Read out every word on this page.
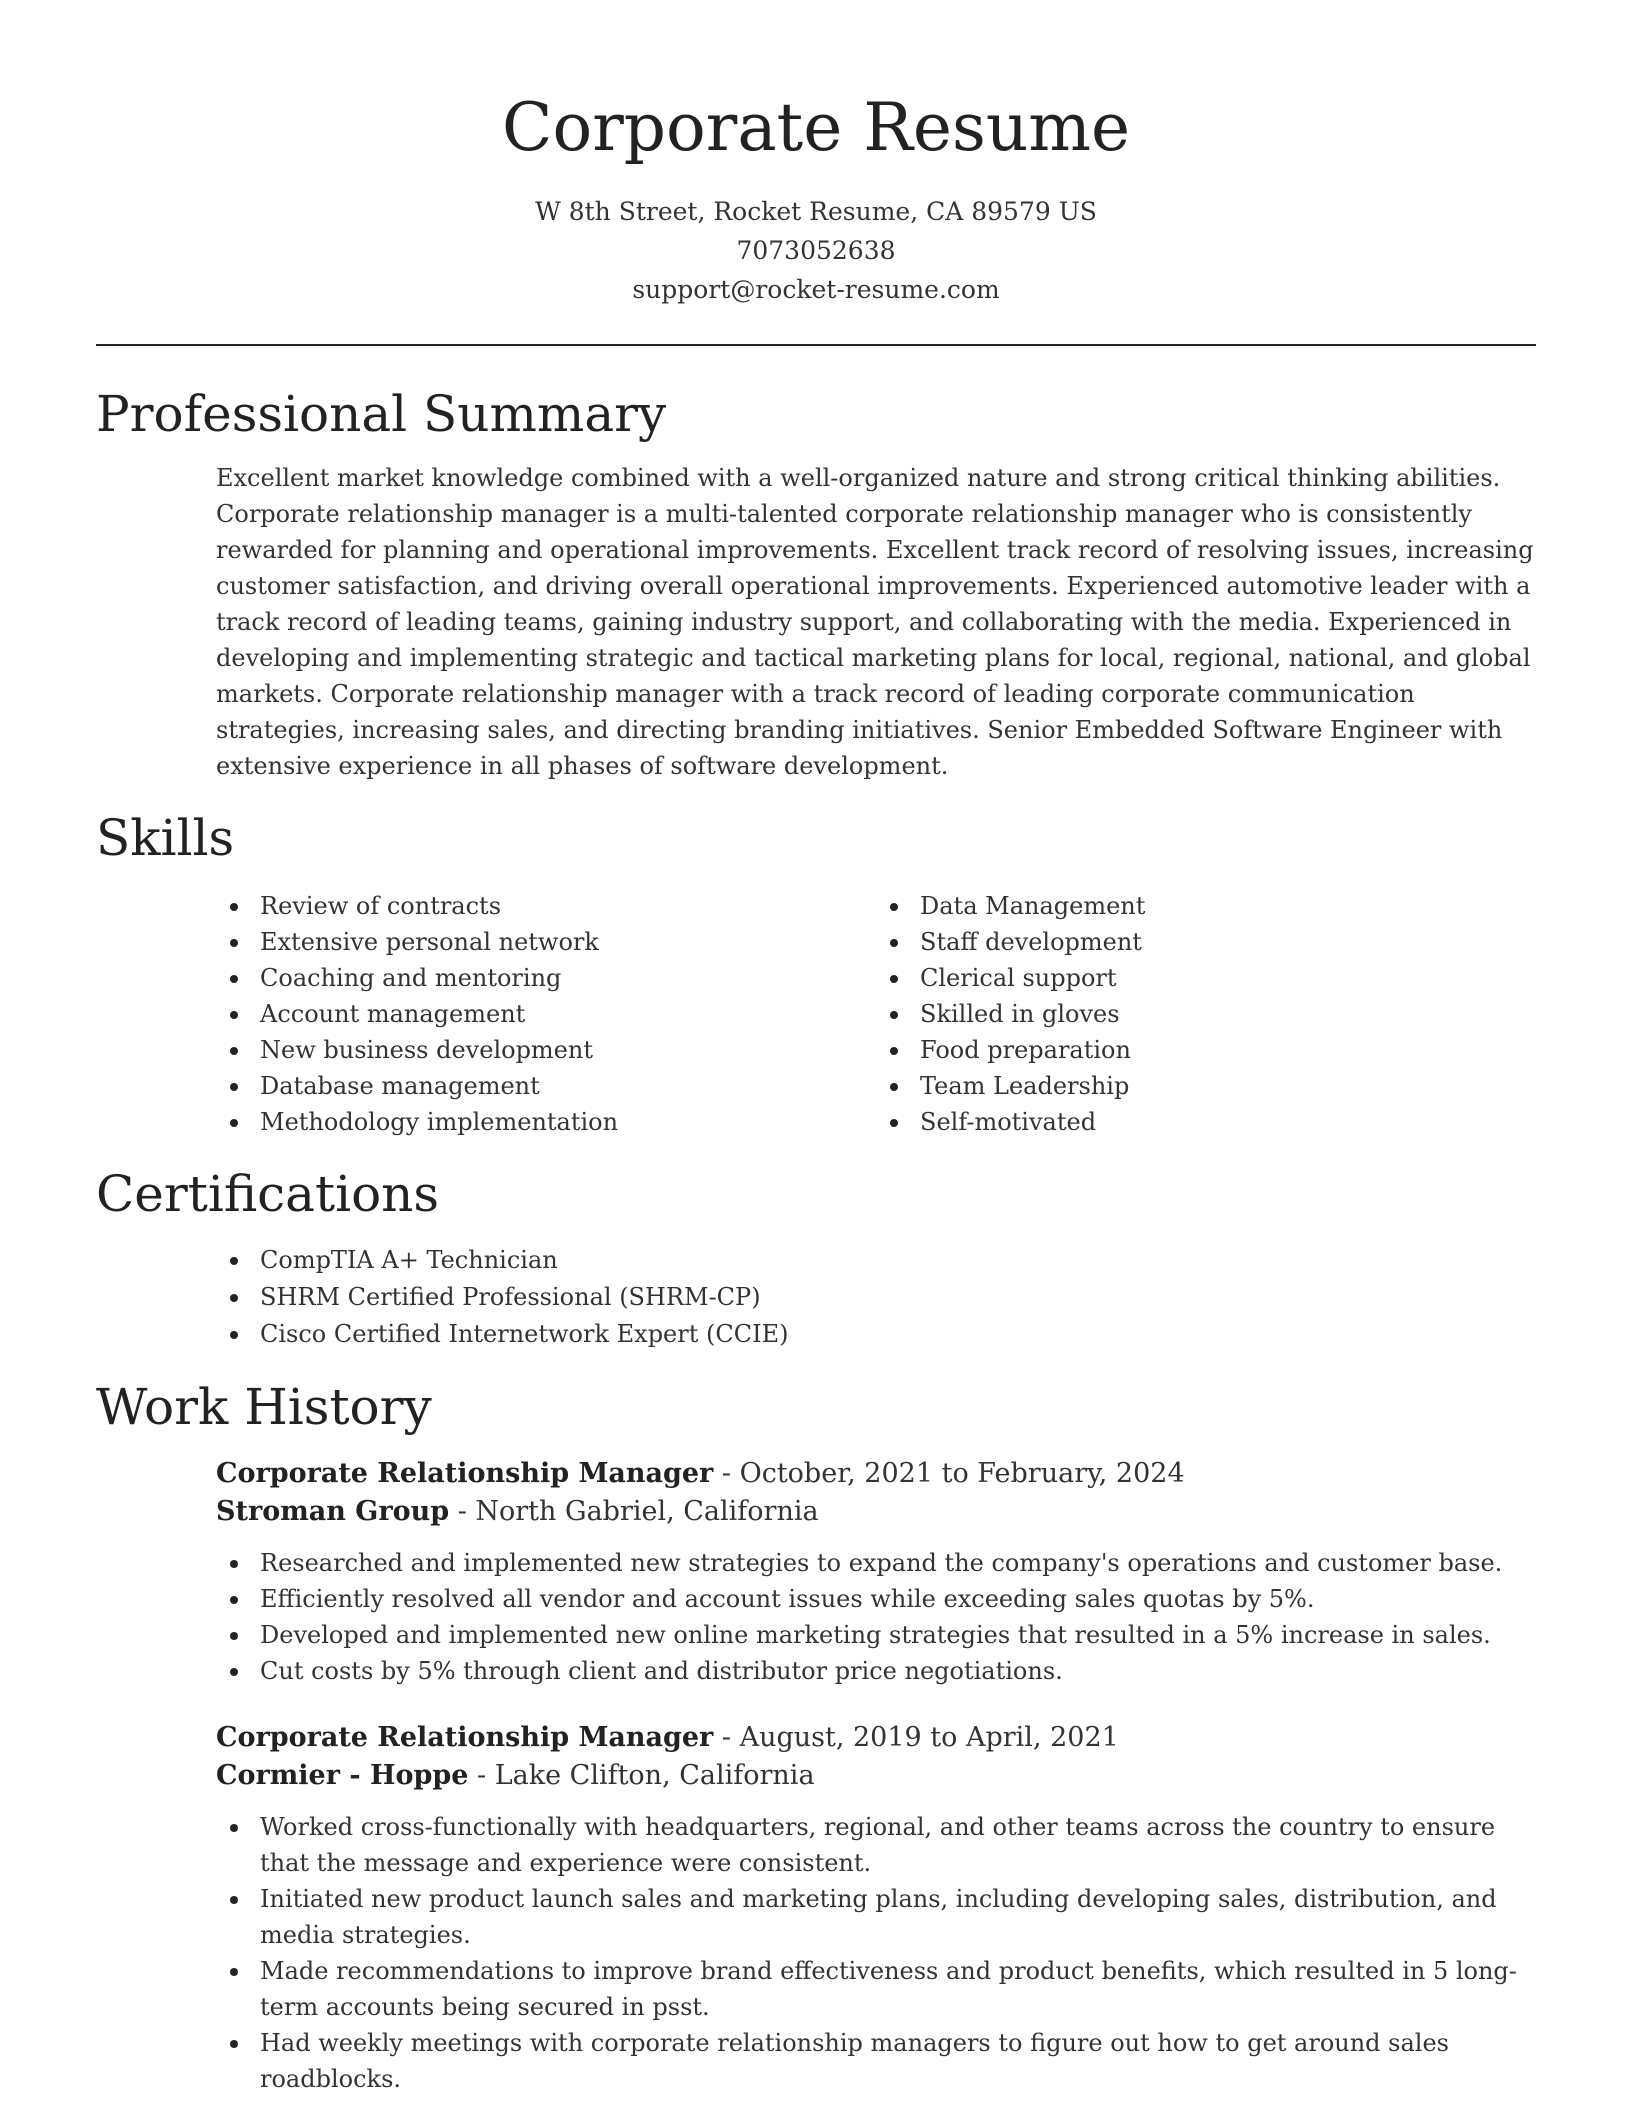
Corporate Resume
W 8th Street, Rocket Resume, CA 89579 US
7073052638
support@rocket-resume.com
Professional Summary

Excellent market knowledge combined with a well-organized nature and strong critical thinking abilities. Corporate relationship manager is a multi-talented corporate relationship manager who is consistently rewarded for planning and operational improvements. Excellent track record of resolving issues, increasing customer satisfaction, and driving overall operational improvements. Experienced automotive leader with a track record of leading teams, gaining industry support, and collaborating with the media. Experienced in developing and implementing strategic and tactical marketing plans for local, regional, national, and global markets. Corporate relationship manager with a track record of leading corporate communication strategies, increasing sales, and directing branding initiatives. Senior Embedded Software Engineer with extensive experience in all phases of software development.

Skills
Review of contracts
Extensive personal network
Coaching and mentoring
Account management
New business development
Database management
Methodology implementation
Data Management
Staff development
Clerical support
Skilled in gloves
Food preparation
Team Leadership
Self-motivated
Certifications
CompTIA A+ Technician
SHRM Certified Professional (SHRM-CP)
Cisco Certified Internetwork Expert (CCIE)
Work History
Corporate Relationship Manager - October, 2021 to February, 2024
Stroman Group - North Gabriel, California
Researched and implemented new strategies to expand the company's operations and customer base.
Efficiently resolved all vendor and account issues while exceeding sales quotas by 5%.
Developed and implemented new online marketing strategies that resulted in a 5% increase in sales.
Cut costs by 5% through client and distributor price negotiations.
Corporate Relationship Manager - August, 2019 to April, 2021
Cormier - Hoppe - Lake Clifton, California
Worked cross-functionally with headquarters, regional, and other teams across the country to ensure that the message and experience were consistent.
Initiated new product launch sales and marketing plans, including developing sales, distribution, and media strategies.
Made recommendations to improve brand effectiveness and product benefits, which resulted in 5 long-term accounts being secured in psst.
Had weekly meetings with corporate relationship managers to figure out how to get around sales roadblocks.
